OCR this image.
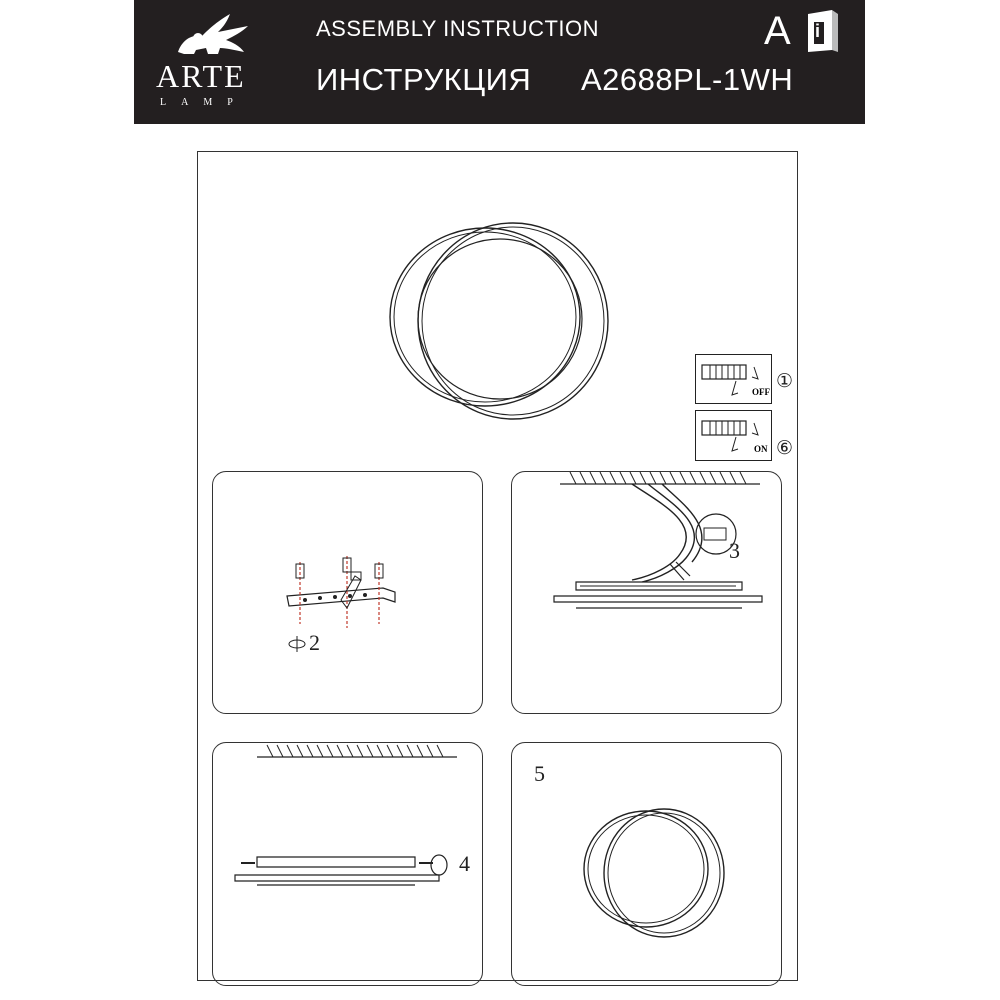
ARTE
LAMP
ASSEMBLY INSTRUCTION
ИНСТРУКЦИЯ A2688PL-1WH
A i
OFF ①
ON ⑥
2
3
4
5
